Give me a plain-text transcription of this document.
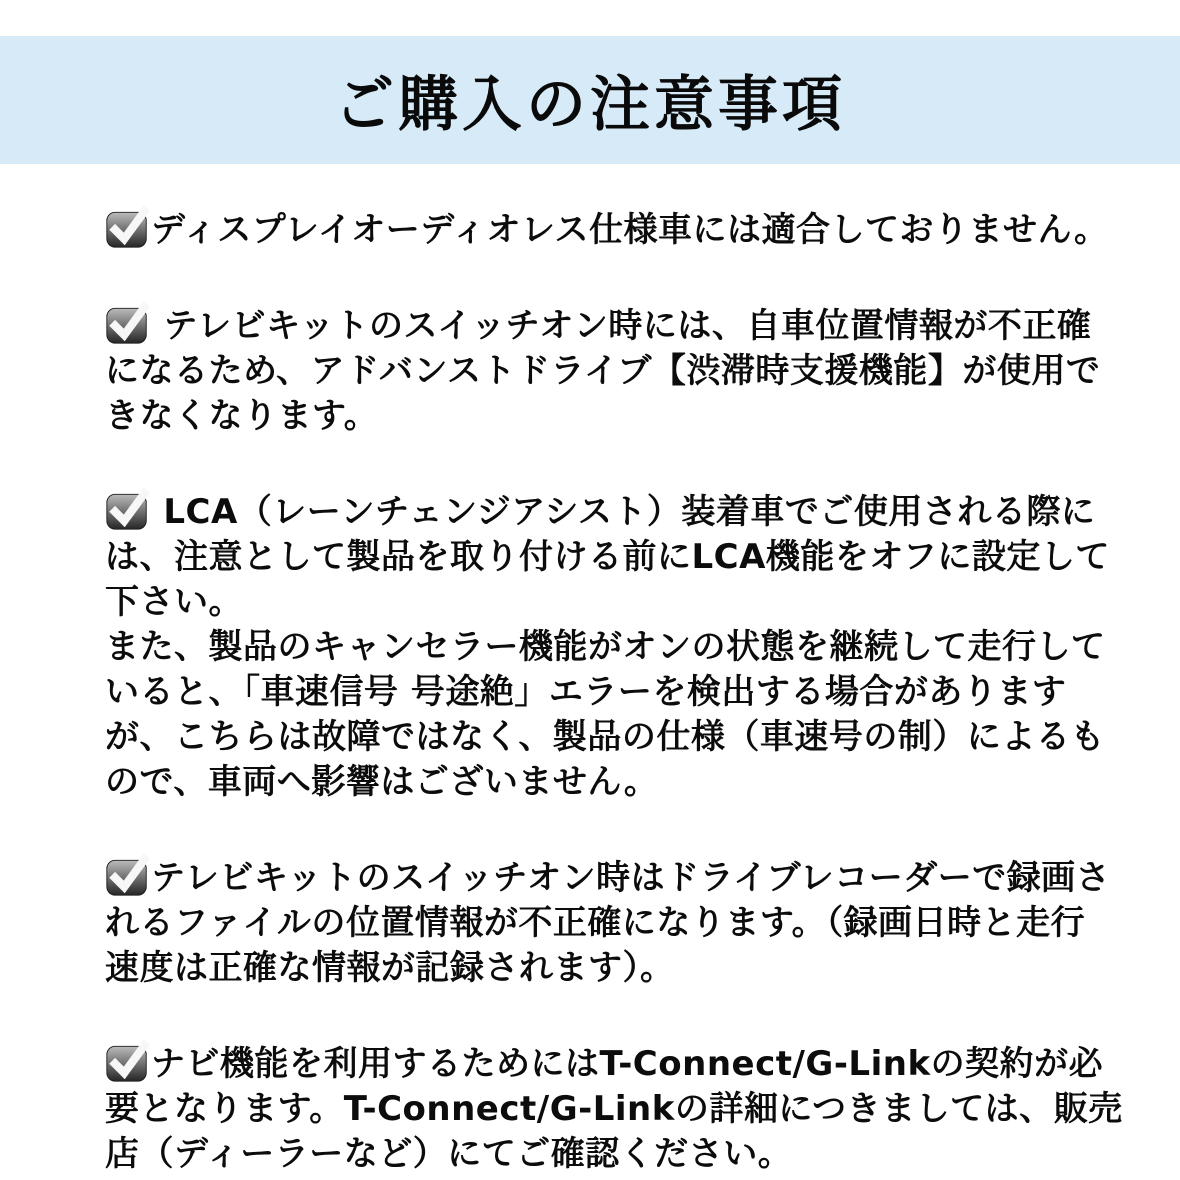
ご購入の注意事項
ディスプレイオーディオレス仕様車には適合しておりません。
テレビキットのスイッチオン時には、自車位置情報が不正確
になるため、アドバンストドライブ【渋滞時支援機能】が使用で
きなくなります。
LCA（レーンチェンジアシスト）装着車でご使用される際に
は、注意として製品を取り付ける前にLCA機能をオフに設定して
下さい。
また、製品のキャンセラー機能がオンの状態を継続して走行して
いると、「車速信号 号途絶」エラーを検出する場合があります
が、こちらは故障ではなく、製品の仕様（車速号の制）によるも
ので、車両へ影響はございません。
テレビキットのスイッチオン時はドライブレコーダーで録画さ
れるファイルの位置情報が不正確になります。（録画日時と走行
速度は正確な情報が記録されます）。
ナビ機能を利用するためにはT-Connect/G-Linkの契約が必
要となります。T-Connect/G-Linkの詳細につきましては、販売
店（ディーラーなど）にてご確認ください。
